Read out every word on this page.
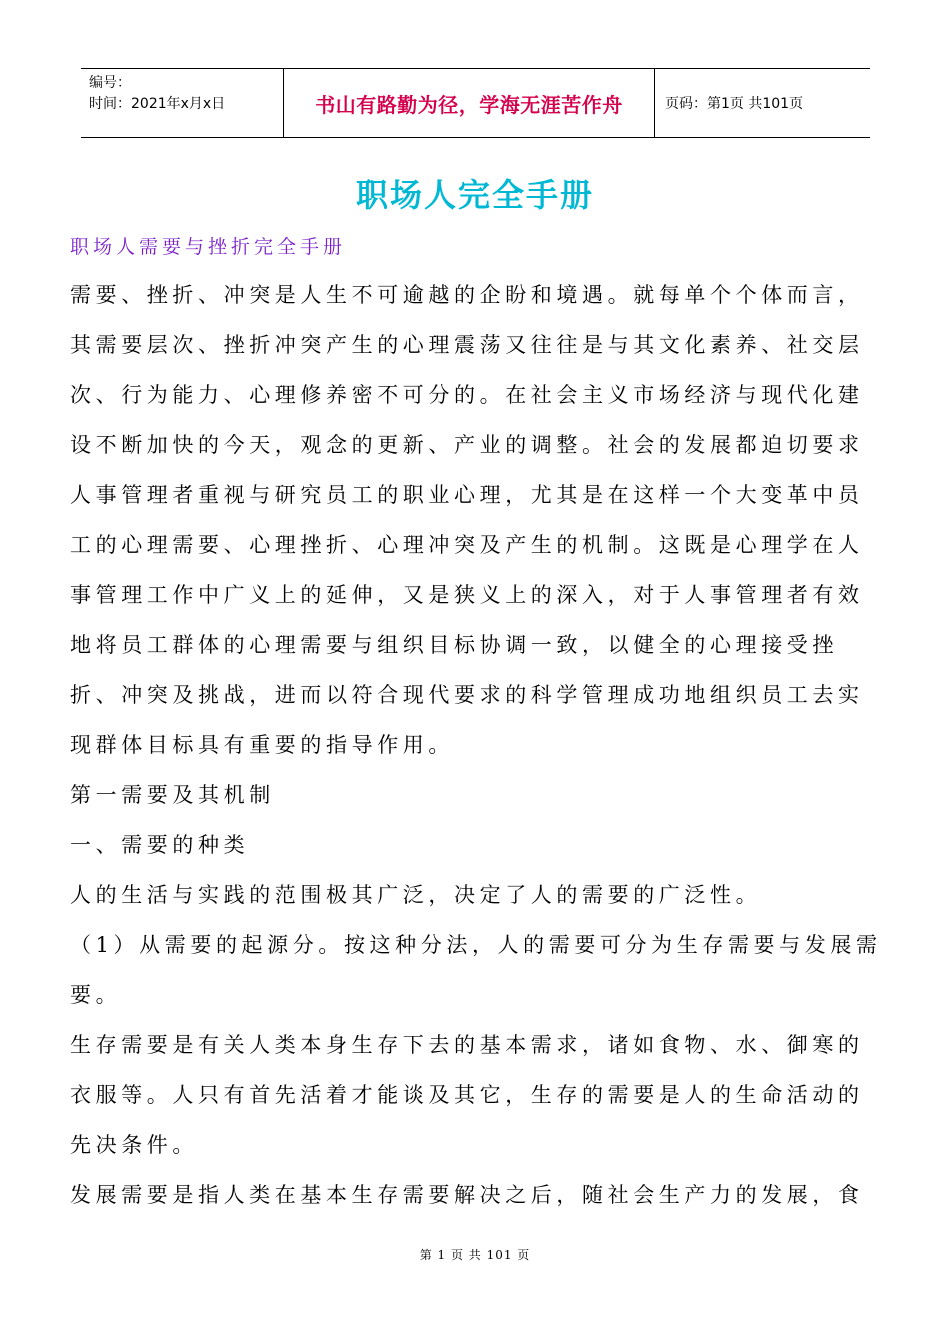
编号：
时间：2021年x月x日	书山有路勤为径，学海无涯苦作舟	页码：第1页 共101页
职场人完全手册
职场人需要与挫折完全手册

需要、挫折、冲突是人生不可逾越的企盼和境遇。就每单个个体而言，其需要层次、挫折冲突产生的心理震荡又往往是与其文化素养、社交层次、行为能力、心理修养密不可分的。在社会主义市场经济与现代化建设不断加快的今天，观念的更新、产业的调整。社会的发展都迫切要求人事管理者重视与研究员工的职业心理，尤其是在这样一个大变革中员工的心理需要、心理挫折、心理冲突及产生的机制。这既是心理学在人事管理工作中广义上的延伸，又是狭义上的深入，对于人事管理者有效地将员工群体的心理需要与组织目标协调一致，以健全的心理接受挫折、冲突及挑战，进而以符合现代要求的科学管理成功地组织员工去实现群体目标具有重要的指导作用。

第一需要及其机制

一、需要的种类

人的生活与实践的范围极其广泛，决定了人的需要的广泛性。

（1）从需要的起源分。按这种分法，人的需要可分为生存需要与发展需要。

生存需要是有关人类本身生存下去的基本需求，诸如食物、水、御寒的衣服等。人只有首先活着才能谈及其它，生存的需要是人的生命活动的先决条件。

发展需要是指人类在基本生存需要解决之后，随社会生产力的发展，食

第 1 页 共 101 页
